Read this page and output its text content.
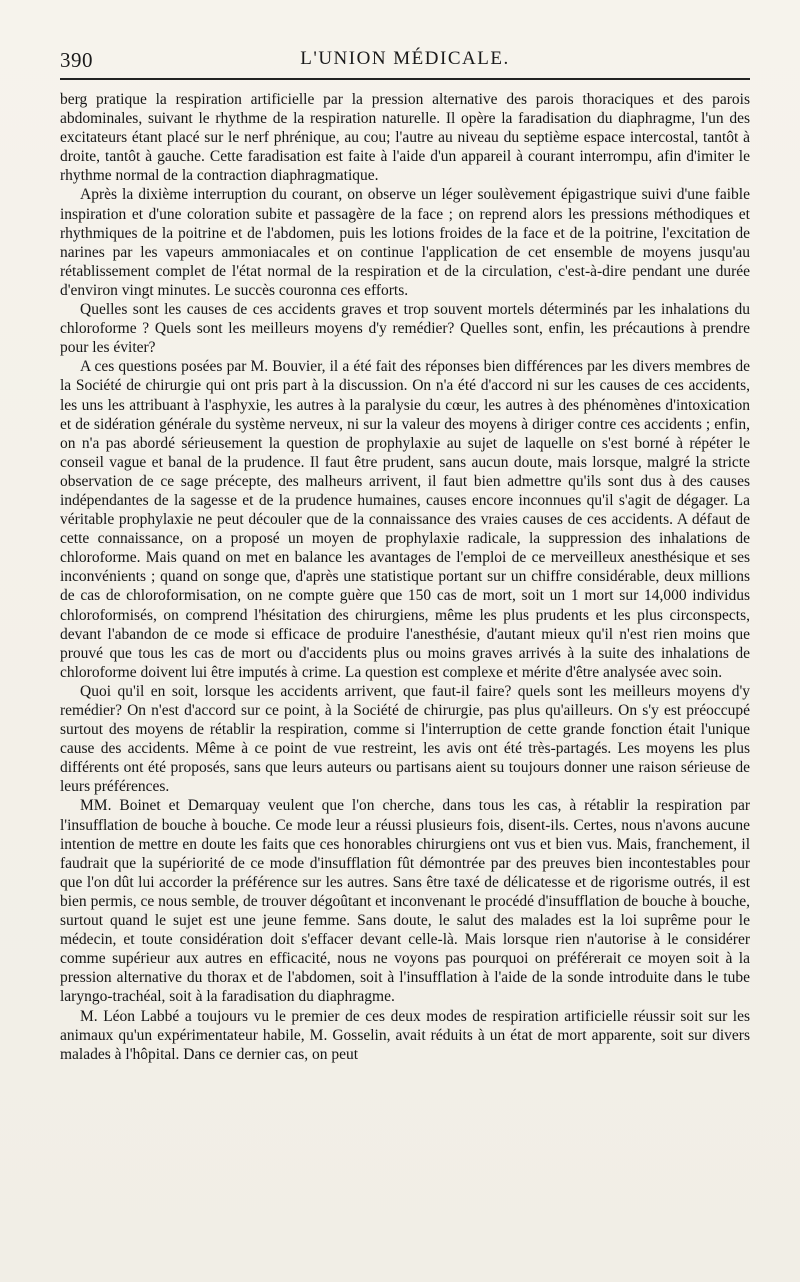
390	L'UNION MÉDICALE.

berg pratique la respiration artificielle par la pression alternative des parois thoraciques et des parois abdominales, suivant le rhythme de la respiration naturelle. Il opère la faradisation du diaphragme, l'un des excitateurs étant placé sur le nerf phrénique, au cou; l'autre au niveau du septième espace intercostal, tantôt à droite, tantôt à gauche. Cette faradisation est faite à l'aide d'un appareil à courant interrompu, afin d'imiter le rhythme normal de la contraction diaphragmatique.

Après la dixième interruption du courant, on observe un léger soulèvement épigastrique suivi d'une faible inspiration et d'une coloration subite et passagère de la face ; on reprend alors les pressions méthodiques et rhythmiques de la poitrine et de l'abdomen, puis les lotions froides de la face et de la poitrine, l'excitation de narines par les vapeurs ammoniacales et on continue l'application de cet ensemble de moyens jusqu'au rétablissement complet de l'état normal de la respiration et de la circulation, c'est-à-dire pendant une durée d'environ vingt minutes. Le succès couronna ces efforts.

Quelles sont les causes de ces accidents graves et trop souvent mortels déterminés par les inhalations du chloroforme ? Quels sont les meilleurs moyens d'y remédier? Quelles sont, enfin, les précautions à prendre pour les éviter?

A ces questions posées par M. Bouvier, il a été fait des réponses bien différences par les divers membres de la Société de chirurgie qui ont pris part à la discussion. On n'a été d'accord ni sur les causes de ces accidents, les uns les attribuant à l'asphyxie, les autres à la paralysie du cœur, les autres à des phénomènes d'intoxication et de sidération générale du système nerveux, ni sur la valeur des moyens à diriger contre ces accidents ; enfin, on n'a pas abordé sérieusement la question de prophylaxie au sujet de laquelle on s'est borné à répéter le conseil vague et banal de la prudence. Il faut être prudent, sans aucun doute, mais lorsque, malgré la stricte observation de ce sage précepte, des malheurs arrivent, il faut bien admettre qu'ils sont dus à des causes indépendantes de la sagesse et de la prudence humaines, causes encore inconnues qu'il s'agit de dégager. La véritable prophylaxie ne peut découler que de la connaissance des vraies causes de ces accidents. A défaut de cette connaissance, on a proposé un moyen de prophylaxie radicale, la suppression des inhalations de chloroforme. Mais quand on met en balance les avantages de l'emploi de ce merveilleux anesthésique et ses inconvénients ; quand on songe que, d'après une statistique portant sur un chiffre considérable, deux millions de cas de chloroformisation, on ne compte guère que 150 cas de mort, soit un 1 mort sur 14,000 individus chloroformisés, on comprend l'hésitation des chirurgiens, même les plus prudents et les plus circonspects, devant l'abandon de ce mode si efficace de produire l'anesthésie, d'autant mieux qu'il n'est rien moins que prouvé que tous les cas de mort ou d'accidents plus ou moins graves arrivés à la suite des inhalations de chloroforme doivent lui être imputés à crime. La question est complexe et mérite d'être analysée avec soin.

Quoi qu'il en soit, lorsque les accidents arrivent, que faut-il faire? quels sont les meilleurs moyens d'y remédier? On n'est d'accord sur ce point, à la Société de chirurgie, pas plus qu'ailleurs. On s'y est préoccupé surtout des moyens de rétablir la respiration, comme si l'interruption de cette grande fonction était l'unique cause des accidents. Même à ce point de vue restreint, les avis ont été très-partagés. Les moyens les plus différents ont été proposés, sans que leurs auteurs ou partisans aient su toujours donner une raison sérieuse de leurs préférences.

MM. Boinet et Demarquay veulent que l'on cherche, dans tous les cas, à rétablir la respiration par l'insufflation de bouche à bouche. Ce mode leur a réussi plusieurs fois, disent-ils. Certes, nous n'avons aucune intention de mettre en doute les faits que ces honorables chirurgiens ont vus et bien vus. Mais, franchement, il faudrait que la supériorité de ce mode d'insufflation fût démontrée par des preuves bien incontestables pour que l'on dût lui accorder la préférence sur les autres. Sans être taxé de délicatesse et de rigorisme outrés, il est bien permis, ce nous semble, de trouver dégoûtant et inconvenant le procédé d'insufflation de bouche à bouche, surtout quand le sujet est une jeune femme. Sans doute, le salut des malades est la loi suprême pour le médecin, et toute considération doit s'effacer devant celle-là. Mais lorsque rien n'autorise à le considérer comme supérieur aux autres en efficacité, nous ne voyons pas pourquoi on préférerait ce moyen soit à la pression alternative du thorax et de l'abdomen, soit à l'insufflation à l'aide de la sonde introduite dans le tube laryngo-trachéal, soit à la faradisation du diaphragme.

M. Léon Labbé a toujours vu le premier de ces deux modes de respiration artificielle réussir soit sur les animaux qu'un expérimentateur habile, M. Gosselin, avait réduits à un état de mort apparente, soit sur divers malades à l'hôpital. Dans ce dernier cas, on peut
